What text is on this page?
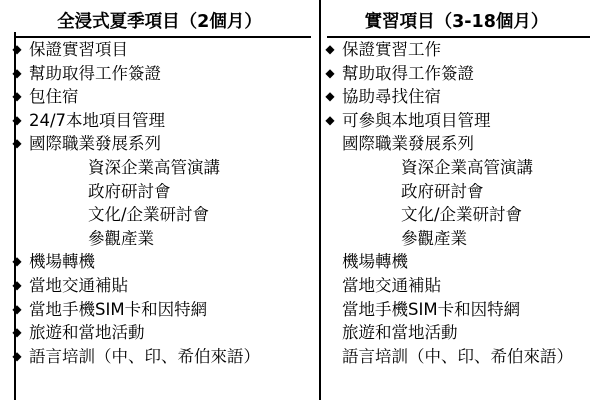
全浸式夏季項目（2個月）
◆ 保證實習項目
◆ 幫助取得工作簽證
◆ 包住宿
◆ 24/7本地項目管理
◆ 國際職業發展系列
資深企業高管演講
政府研討會
文化/企業研討會
參觀產業
◆ 機場轉機
◆ 當地交通補貼
◆ 當地手機SIM卡和因特網
◆ 旅遊和當地活動
◆ 語言培訓（中、印、希伯來語）
實習項目（3-18個月）
◆ 保證實習工作
◆ 幫助取得工作簽證
◆ 協助尋找住宿
◆ 可參與本地項目管理
國際職業發展系列
資深企業高管演講
政府研討會
文化/企業研討會
參觀產業
機場轉機
當地交通補貼
當地手機SIM卡和因特網
旅遊和當地活動
語言培訓（中、印、希伯來語）
